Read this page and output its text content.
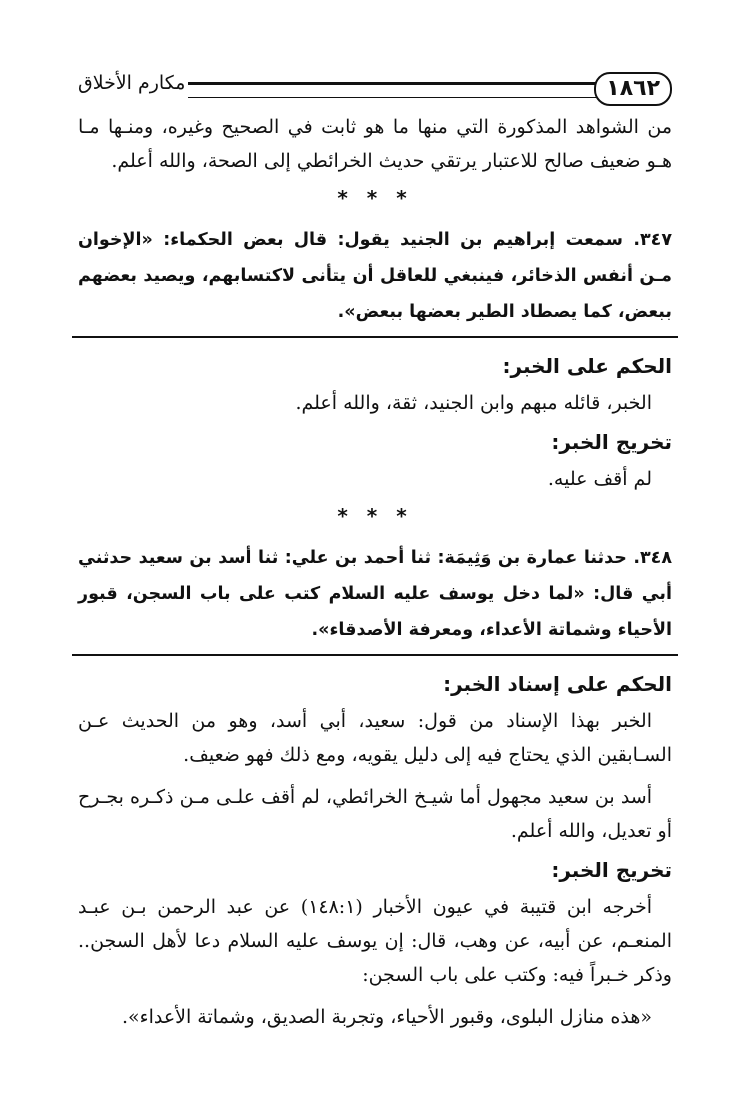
١٨٦٢
مكارم الأخلاق

من الشواهد المذكورة التي منها ما هو ثابت في الصحيح وغيره، ومنـها مـا هـو ضعيف صالح للاعتبار يرتقي حديث الخرائطي إلى الصحة، والله أعلم.

* * *
٣٤٧. سمعت إبراهيم بن الجنيد يقول: قال بعض الحكماء: «الإخوان مـن أنفس الذخائر، فينبغي للعاقل أن يتأنى لاكتسابهم، ويصيد بعضهم ببعض، كما يصطاد الطير بعضها ببعض».
الحكم على الخبر:

الخبر، قائله مبهم وابن الجنيد، ثقة، والله أعلم.

تخريج الخبر:

لم أقف عليه.

* * *
٣٤٨. حدثنا عمارة بن وَثِيمَة: ثنا أحمد بن علي: ثنا أسد بن سعيد حدثني أبي قال: «لما دخل يوسف عليه السلام كتب على باب السجن، قبور الأحياء وشماتة الأعداء، ومعرفة الأصدقاء».
الحكم على إسناد الخبر:

الخبر بهذا الإسناد من قول: سعيد، أبي أسد، وهو من الحديث عـن السـابقين الذي يحتاج فيه إلى دليل يقويه، ومع ذلك فهو ضعيف.

أسد بن سعيد مجهول أما شيـخ الخرائطي، لم أقف علـى مـن ذكـره بجـرح أو تعديل، والله أعلم.

تخريج الخبر:

أخرجه ابن قتيبة في عيون الأخبار (١٤٨:١) عن عبد الرحمن بـن عبـد المنعـم، عن أبيه، عن وهب، قال: إن يوسف عليه السلام دعا لأهل السجن.. وذكر خـبراً فيه: وكتب على باب السجن:

«هذه منازل البلوى، وقبور الأحياء، وتجربة الصديق، وشماتة الأعداء».
